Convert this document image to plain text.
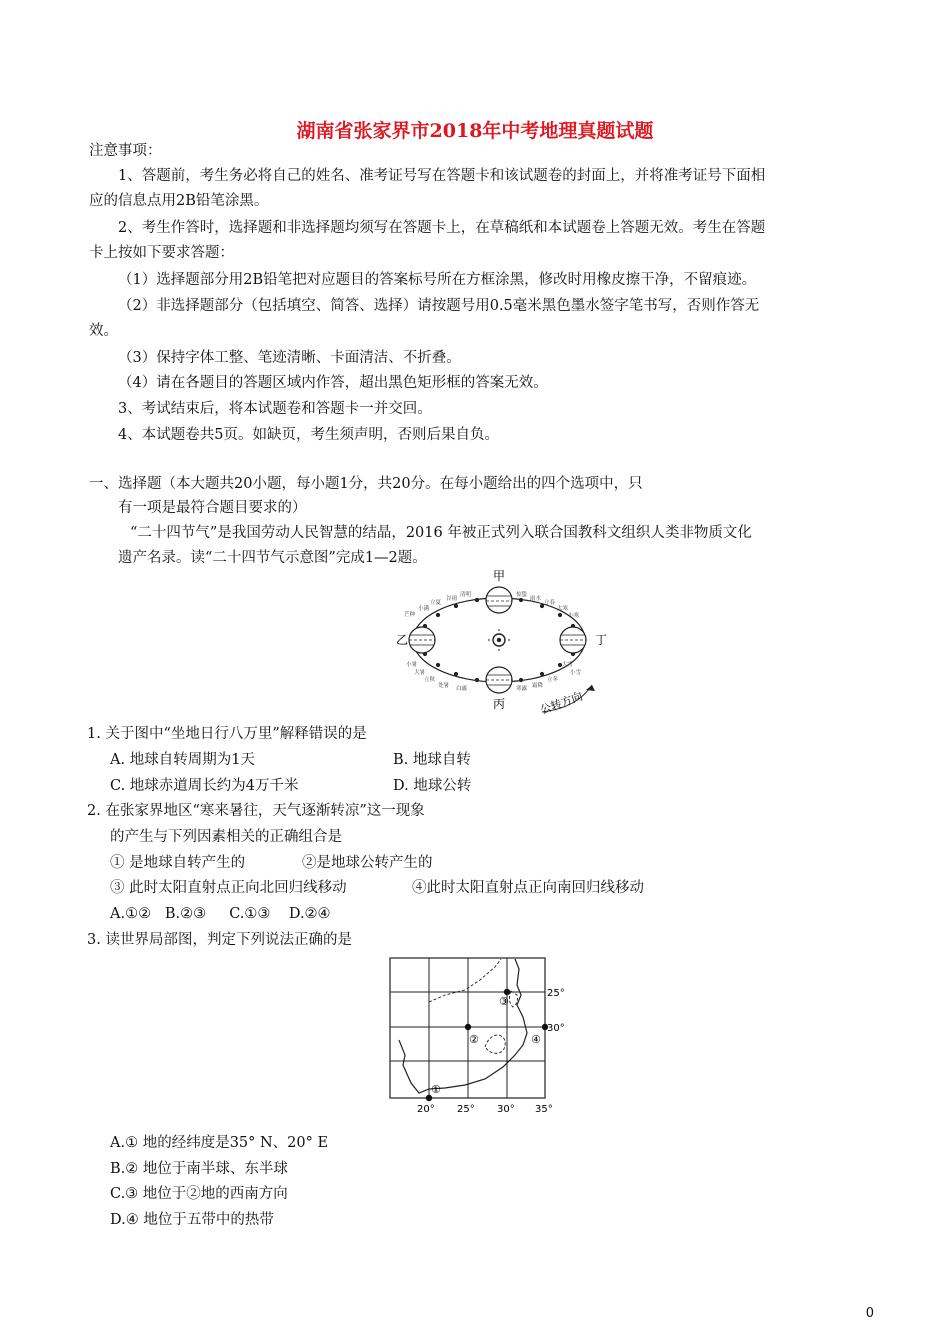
湖南省张家界市2018年中考地理真题试题
注意事项：
1、答题前，考生务必将自己的姓名、准考证号写在答题卡和该试题卷的封面上，并将准考证号下面相
应的信息点用2B铅笔涂黑。
2、考生作答时，选择题和非选择题均须写在答题卡上，在草稿纸和本试题卷上答题无效。考生在答题
卡上按如下要求答题：
（1）选择题部分用2B铅笔把对应题目的答案标号所在方框涂黑，修改时用橡皮擦干净，不留痕迹。
（2）非选择题部分（包括填空、简答、选择）请按题号用0.5毫米黑色墨水签字笔书写，否则作答无
效。
（3）保持字体工整、笔迹清晰、卡面清洁、不折叠。
（4）请在各题目的答题区域内作答，超出黑色矩形框的答案无效。
3、考试结束后，将本试题卷和答题卡一并交回。
4、本试题卷共5页。如缺页，考生须声明，否则后果自负。
一、选择题（本大题共20小题，每小题1分，共20分。在每小题给出的四个选项中，只
有一项是最符合题目要求的）
“二十四节气”是我国劳动人民智慧的结晶，2016 年被正式列入联合国教科文组织人类非物质文化
遗产名录。读“二十四节气示意图”完成1—2题。
甲
乙	丁
丙
芒种
小满
立夏
谷雨
清明	惊蛰
雨水
立春
大寒
小寒
小暑
大暑
立秋
处暑 白露	寒露 霜降
立冬
大雪
小雪
公转方向
1. 关于图中“坐地日行八万里”解释错误的是
A. 地球自转周期为1天	B. 地球自转
C. 地球赤道周长约为4万千米	D. 地球公转
2. 在张家界地区“寒来暑往，天气逐渐转凉”这一现象
的产生与下列因素相关的正确组合是
① 是地球自转产生的	②是地球公转产生的
③ 此时太阳直射点正向北回归线移动	④此时太阳直射点正向南回归线移动
A.①②   B.②③     C.①③    D.②④
3. 读世界局部图，判定下列说法正确的是
①
②
③
④
25°
30°
20° 25° 30° 35°
A.① 地的经纬度是35° N、20° E
B.② 地位于南半球、东半球
C.③ 地位于②地的西南方向
D.④ 地位于五带中的热带
0
